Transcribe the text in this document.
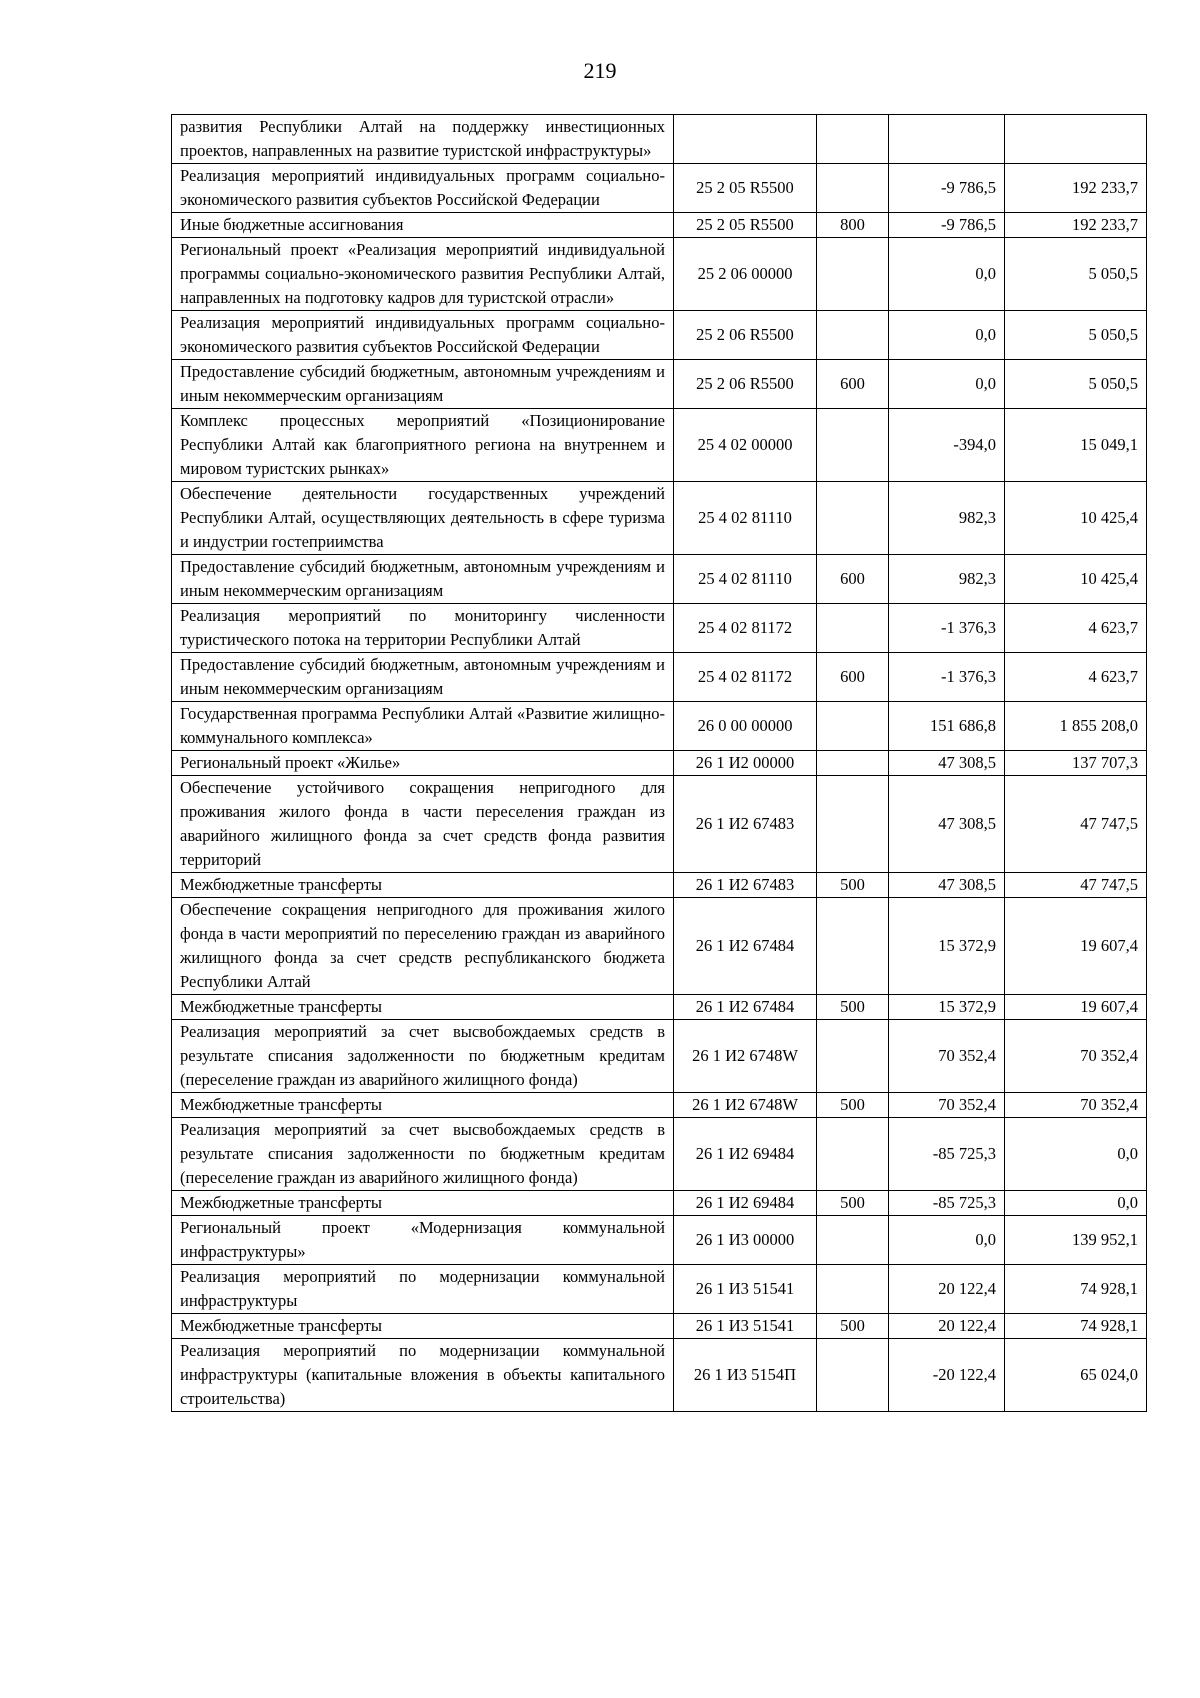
219
развития Республики Алтай на поддержку инвестиционных проектов, направленных на развитие туристской инфраструктуры»				
Реализация мероприятий индивидуальных программ социально-экономического развития субъектов Российской Федерации	25 2 05 R5500		-9 786,5	192 233,7
Иные бюджетные ассигнования	25 2 05 R5500	800	-9 786,5	192 233,7
Региональный проект «Реализация мероприятий индивидуальной программы социально-экономического развития Республики Алтай, направленных на подготовку кадров для туристской отрасли»	25 2 06 00000		0,0	5 050,5
Реализация мероприятий индивидуальных программ социально-экономического развития субъектов Российской Федерации	25 2 06 R5500		0,0	5 050,5
Предоставление субсидий бюджетным, автономным учреждениям и иным некоммерческим организациям	25 2 06 R5500	600	0,0	5 050,5
Комплекс процессных мероприятий «Позиционирование Республики Алтай как благоприятного региона на внутреннем и мировом туристских рынках»	25 4 02 00000		-394,0	15 049,1
Обеспечение деятельности государственных учреждений Республики Алтай, осуществляющих деятельность в сфере туризма и индустрии гостеприимства	25 4 02 81110		982,3	10 425,4
Предоставление субсидий бюджетным, автономным учреждениям и иным некоммерческим организациям	25 4 02 81110	600	982,3	10 425,4
Реализация мероприятий по мониторингу численности туристического потока на территории Республики Алтай	25 4 02 81172		-1 376,3	4 623,7
Предоставление субсидий бюджетным, автономным учреждениям и иным некоммерческим организациям	25 4 02 81172	600	-1 376,3	4 623,7
Государственная программа Республики Алтай «Развитие жилищно-коммунального комплекса»	26 0 00 00000		151 686,8	1 855 208,0
Региональный проект «Жилье»	26 1 И2 00000		47 308,5	137 707,3
Обеспечение устойчивого сокращения непригодного для проживания жилого фонда в части переселения граждан из аварийного жилищного фонда за счет средств фонда развития территорий	26 1 И2 67483		47 308,5	47 747,5
Межбюджетные трансферты	26 1 И2 67483	500	47 308,5	47 747,5
Обеспечение сокращения непригодного для проживания жилого фонда в части мероприятий по переселению граждан из аварийного жилищного фонда за счет средств республиканского бюджета Республики Алтай	26 1 И2 67484		15 372,9	19 607,4
Межбюджетные трансферты	26 1 И2 67484	500	15 372,9	19 607,4
Реализация мероприятий за счет высвобождаемых средств в результате списания задолженности по бюджетным кредитам (переселение граждан из аварийного жилищного фонда)	26 1 И2 6748W		70 352,4	70 352,4
Межбюджетные трансферты	26 1 И2 6748W	500	70 352,4	70 352,4
Реализация мероприятий за счет высвобождаемых средств в результате списания задолженности по бюджетным кредитам (переселение граждан из аварийного жилищного фонда)	26 1 И2 69484		-85 725,3	0,0
Межбюджетные трансферты	26 1 И2 69484	500	-85 725,3	0,0
Региональный проект «Модернизация коммунальной инфраструктуры»	26 1 И3 00000		0,0	139 952,1
Реализация мероприятий по модернизации коммунальной инфраструктуры	26 1 И3 51541		20 122,4	74 928,1
Межбюджетные трансферты	26 1 И3 51541	500	20 122,4	74 928,1
Реализация мероприятий по модернизации коммунальной инфраструктуры (капитальные вложения в объекты капитального строительства)	26 1 И3 5154П		-20 122,4	65 024,0
